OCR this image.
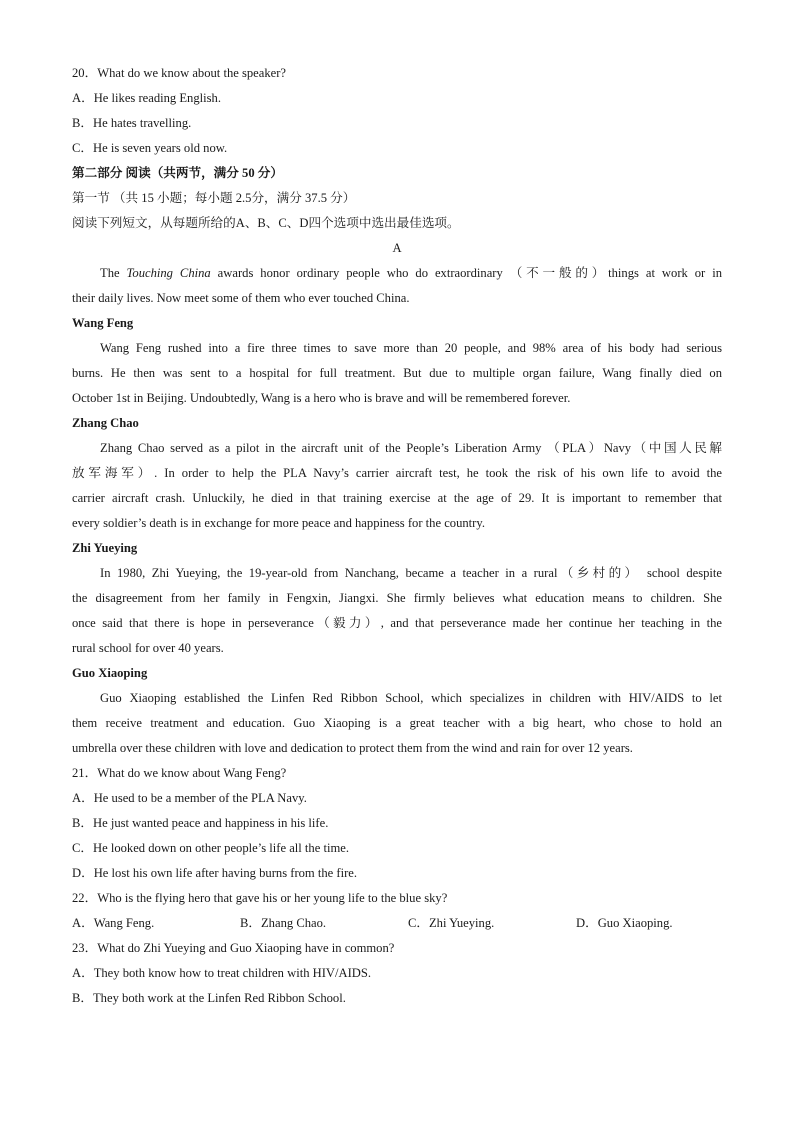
20．What do we know about the speaker?
A．He likes reading English.
B．He hates travelling.
C．He is seven years old now.
第二部分 阅读（共两节，满分 50 分）
第一节 （共 15 小题；每小题 2.5分，满分 37.5 分）
阅读下列短文，从每题所给的A、B、C、D四个选项中选出最佳选项。
A
The Touching China awards honor ordinary people who do extraordinary （不一般的）things at work or in
their daily lives. Now meet some of them who ever touched China.
Wang Feng
Wang Feng rushed into a fire three times to save more than 20 people, and 98% area of his body had serious
burns. He then was sent to a hospital for full treatment. But due to multiple organ failure, Wang finally died on
October 1st in Beijing. Undoubtedly, Wang is a hero who is brave and will be remembered forever.
Zhang Chao
Zhang Chao served as a pilot in the aircraft unit of the People’s Liberation Army （PLA）Navy（中国人民解
放军海军）. In order to help the PLA Navy’s carrier aircraft test, he took the risk of his own life to avoid the
carrier aircraft crash. Unluckily, he died in that training exercise at the age of 29. It is important to remember that
every soldier’s death is in exchange for more peace and happiness for the country.
Zhi Yueying
In 1980, Zhi Yueying, the 19-year-old from Nanchang, became a teacher in a rural（乡村的） school despite
the disagreement from her family in Fengxin, Jiangxi. She firmly believes what education means to children. She
once said that there is hope in perseverance（毅力）, and that perseverance made her continue her teaching in the
rural school for over 40 years.
Guo Xiaoping
Guo Xiaoping established the Linfen Red Ribbon School, which specializes in children with HIV/AIDS to let
them receive treatment and education. Guo Xiaoping is a great teacher with a big heart, who chose to hold an
umbrella over these children with love and dedication to protect them from the wind and rain for over 12 years.
21．What do we know about Wang Feng?
A．He used to be a member of the PLA Navy.
B．He just wanted peace and happiness in his life.
C．He looked down on other people’s life all the time.
D．He lost his own life after having burns from the fire.
22．Who is the flying hero that gave his or her young life to the blue sky?
A．Wang Feng.	B．Zhang Chao.	C．Zhi Yueying.	D．Guo Xiaoping.
23．What do Zhi Yueying and Guo Xiaoping have in common?
A．They both know how to treat children with HIV/AIDS.
B．They both work at the Linfen Red Ribbon School.
